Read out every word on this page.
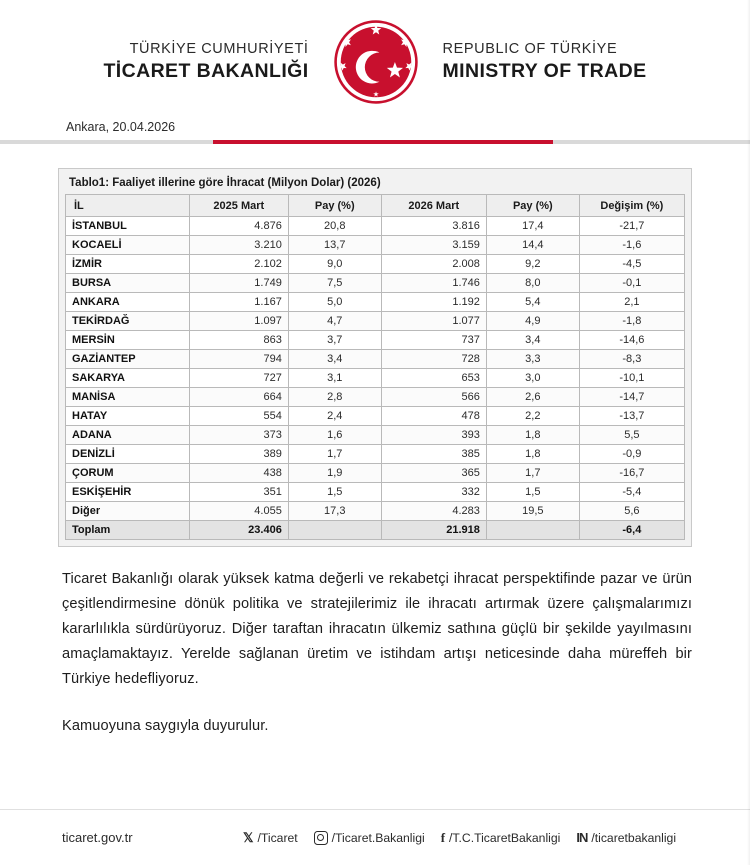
TÜRKİYE CUMHURİYETİ
TİCARET BAKANLIĞI
★
REPUBLIC OF TÜRKİYE
MINISTRY OF TRADE
Ankara, 20.04.2026
Tablo1: Faaliyet illerine göre İhracat (Milyon Dolar) (2026)
İL	2025 Mart	Pay (%)	2026 Mart	Pay (%)	Değişim (%)
İSTANBUL	4.876	20,8	3.816	17,4	-21,7
KOCAELİ	3.210	13,7	3.159	14,4	-1,6
İZMİR	2.102	9,0	2.008	9,2	-4,5
BURSA	1.749	7,5	1.746	8,0	-0,1
ANKARA	1.167	5,0	1.192	5,4	2,1
TEKİRDAĞ	1.097	4,7	1.077	4,9	-1,8
MERSİN	863	3,7	737	3,4	-14,6
GAZİANTEP	794	3,4	728	3,3	-8,3
SAKARYA	727	3,1	653	3,0	-10,1
MANİSA	664	2,8	566	2,6	-14,7
HATAY	554	2,4	478	2,2	-13,7
ADANA	373	1,6	393	1,8	5,5
DENİZLİ	389	1,7	385	1,8	-0,9
ÇORUM	438	1,9	365	1,7	-16,7
ESKİŞEHİR	351	1,5	332	1,5	-5,4
Diğer	4.055	17,3	4.283	19,5	5,6
Toplam	23.406		21.918		-6,4

Ticaret Bakanlığı olarak yüksek katma değerli ve rekabetçi ihracat perspektifinde pazar ve ürün çeşitlendirmesine dönük politika ve stratejilerimiz ile ihracatı artırmak üzere çalışmalarımızı kararlılıkla sürdürüyoruz. Diğer taraftan ihracatın ülkemiz sathına güçlü bir şekilde yayılmasını amaçlamaktayız. Yerelde sağlanan üretim ve istihdam artışı neticesinde daha müreffeh bir Türkiye hedefliyoruz.

Kamuoyuna saygıyla duyurulur.

ticaret.gov.tr	𝕏 /Ticaret	/Ticaret.Bakanligi f /T.C.TicaretBakanligi IN /ticaretbakanligi
